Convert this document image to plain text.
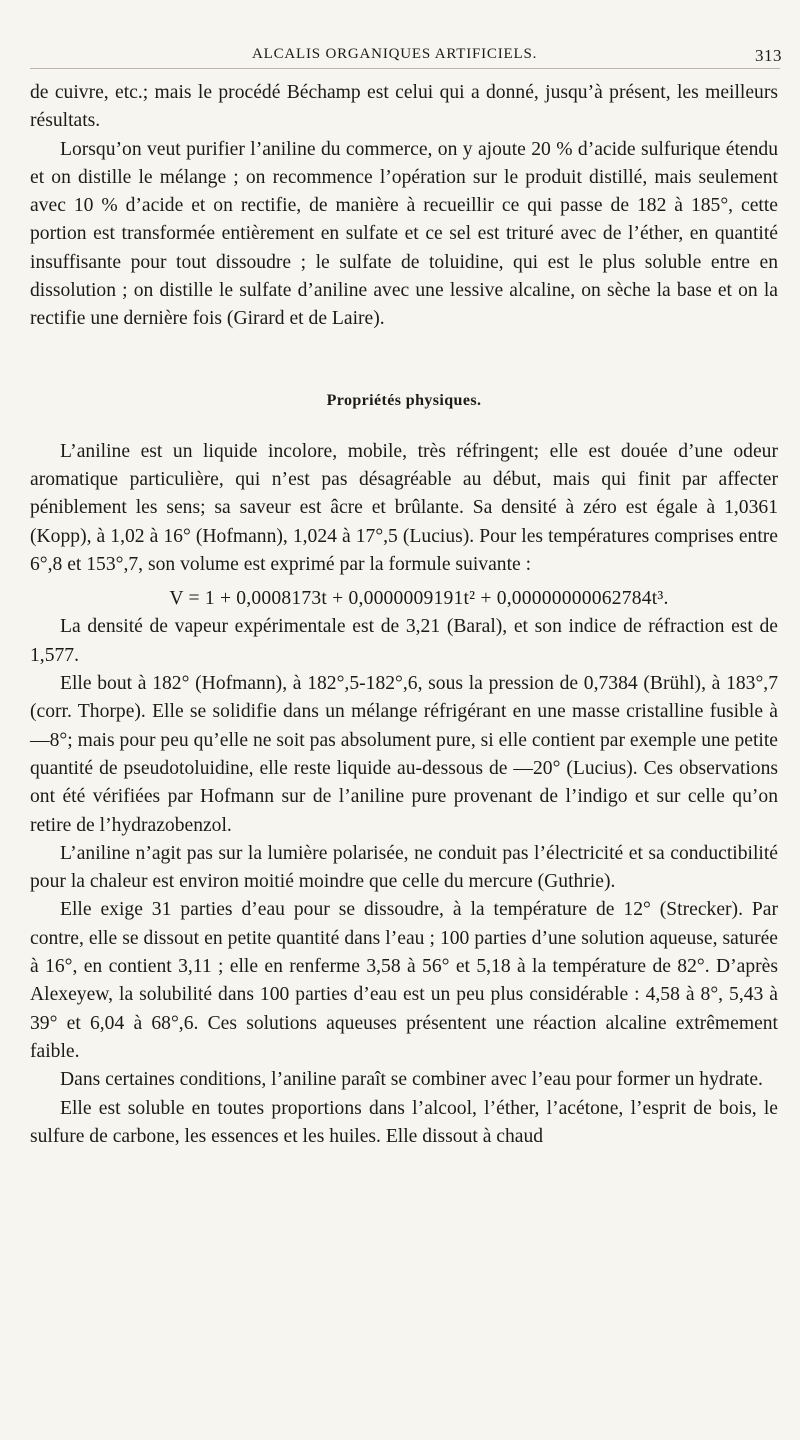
ALCALIS ORGANIQUES ARTIFICIELS.	313

de cuivre, etc.; mais le procédé Béchamp est celui qui a donné, jusqu’à présent, les meilleurs résultats.

Lorsqu’on veut purifier l’aniline du commerce, on y ajoute 20 % d’acide sulfurique étendu et on distille le mélange ; on recommence l’opération sur le produit distillé, mais seulement avec 10 % d’acide et on rectifie, de manière à recueillir ce qui passe de 182 à 185°, cette portion est transformée entièrement en sulfate et ce sel est trituré avec de l’éther, en quantité insuffisante pour tout dissoudre ; le sulfate de toluidine, qui est le plus soluble entre en dissolution ; on distille le sulfate d’aniline avec une lessive alcaline, on sèche la base et on la rectifie une dernière fois (Girard et de Laire).

Propriétés physiques.

L’aniline est un liquide incolore, mobile, très réfringent; elle est douée d’une odeur aromatique particulière, qui n’est pas désagréable au début, mais qui finit par affecter péniblement les sens; sa saveur est âcre et brûlante. Sa densité à zéro est égale à 1,0361 (Kopp), à 1,02 à 16° (Hofmann), 1,024 à 17°,5 (Lucius). Pour les températures comprises entre 6°,8 et 153°,7, son volume est exprimé par la formule suivante :

V = 1 + 0,0008173t + 0,0000009191t² + 0,0000000006278‍4t³.

La densité de vapeur expérimentale est de 3,21 (Baral), et son indice de réfraction est de 1,577.

Elle bout à 182° (Hofmann), à 182°,5-182°,6, sous la pression de 0,7384 (Brühl), à 183°,7 (corr. Thorpe). Elle se solidifie dans un mélange réfrigérant en une masse cristalline fusible à —8°; mais pour peu qu’elle ne soit pas absolument pure, si elle contient par exemple une petite quantité de pseudotoluidine, elle reste liquide au-dessous de —20° (Lucius). Ces observations ont été vérifiées par Hofmann sur de l’aniline pure provenant de l’indigo et sur celle qu’on retire de l’hydrazobenzol.

L’aniline n’agit pas sur la lumière polarisée, ne conduit pas l’électricité et sa conductibilité pour la chaleur est environ moitié moindre que celle du mercure (Guthrie).

Elle exige 31 parties d’eau pour se dissoudre, à la température de 12° (Strecker). Par contre, elle se dissout en petite quantité dans l’eau ; 100 parties d’une solution aqueuse, saturée à 16°, en contient 3,11 ; elle en renferme 3,58 à 56° et 5,18 à la température de 82°. D’après Alexeyew, la solubilité dans 100 parties d’eau est un peu plus considérable : 4,58 à 8°, 5,43 à 39° et 6,04 à 68°,6. Ces solutions aqueuses présentent une réaction alcaline extrêmement faible.

Dans certaines conditions, l’aniline paraît se combiner avec l’eau pour former un hydrate.

Elle est soluble en toutes proportions dans l’alcool, l’éther, l’acétone, l’esprit de bois, le sulfure de carbone, les essences et les huiles. Elle dissout à chaud
